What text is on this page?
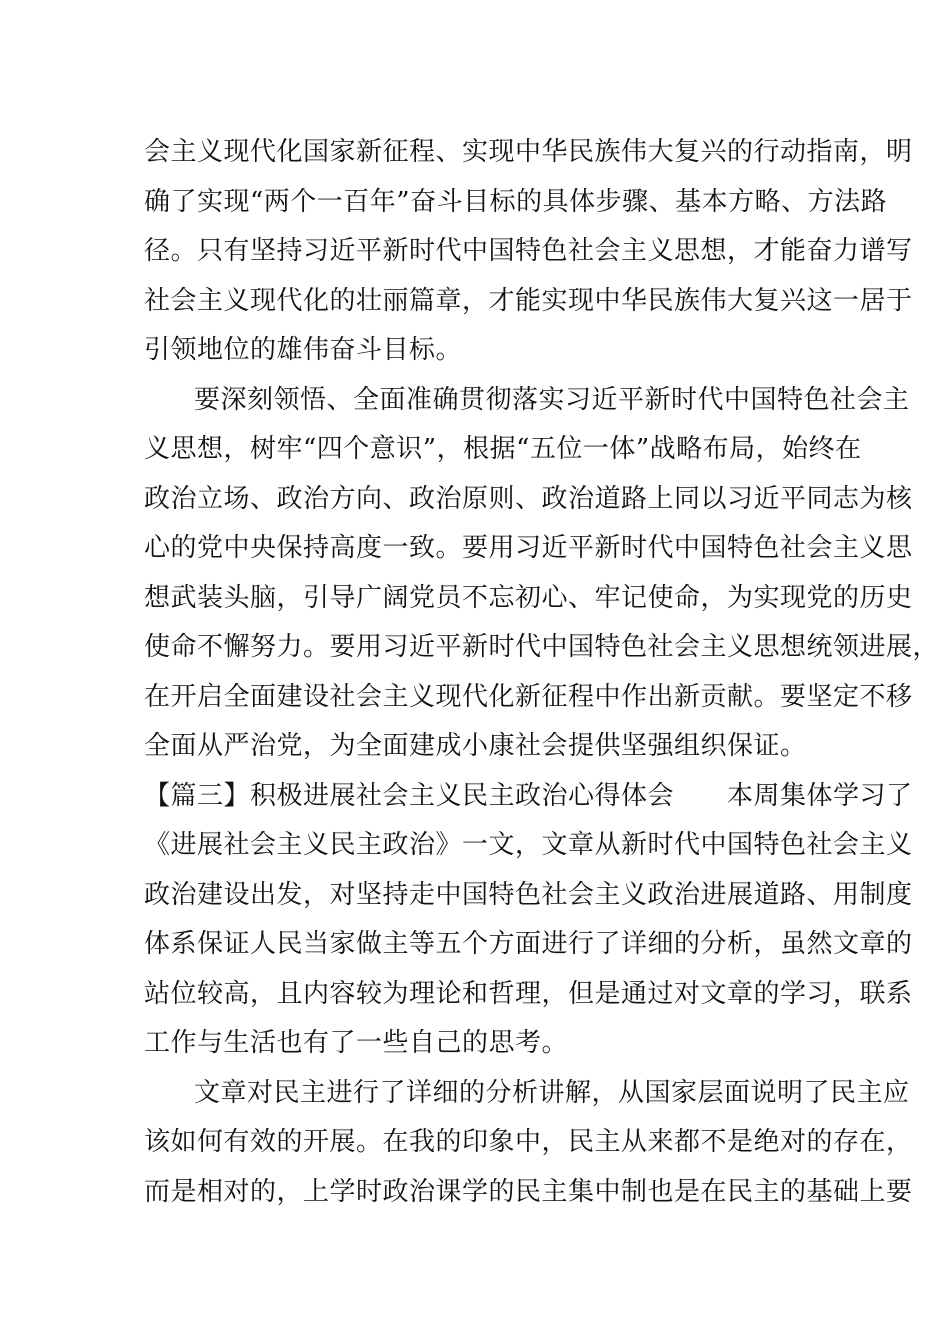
会主义现代化国家新征程、实现中华民族伟大复兴的行动指南，明
确了实现“两个一百年”奋斗目标的具体步骤、基本方略、方法路
径。只有坚持习近平新时代中国特色社会主义思想，才能奋力谱写
社会主义现代化的壮丽篇章，才能实现中华民族伟大复兴这一居于
引领地位的雄伟奋斗目标。
要深刻领悟、全面准确贯彻落实习近平新时代中国特色社会主
义思想，树牢“四个意识”，根据“五位一体”战略布局，始终在
政治立场、政治方向、政治原则、政治道路上同以习近平同志为核
心的党中央保持高度一致。要用习近平新时代中国特色社会主义思
想武装头脑，引导广阔党员不忘初心、牢记使命，为实现党的历史
使命不懈努力。要用习近平新时代中国特色社会主义思想统领进展，
在开启全面建设社会主义现代化新征程中作出新贡献。要坚定不移
全面从严治党，为全面建成小康社会提供坚强组织保证。
【篇三】积极进展社会主义民主政治心得体会　　本周集体学习了
《进展社会主义民主政治》一文，文章从新时代中国特色社会主义
政治建设出发，对坚持走中国特色社会主义政治进展道路、用制度
体系保证人民当家做主等五个方面进行了详细的分析，虽然文章的
站位较高，且内容较为理论和哲理，但是通过对文章的学习，联系
工作与生活也有了一些自己的思考。
文章对民主进行了详细的分析讲解，从国家层面说明了民主应
该如何有效的开展。在我的印象中，民主从来都不是绝对的存在，
而是相对的，上学时政治课学的民主集中制也是在民主的基础上要
